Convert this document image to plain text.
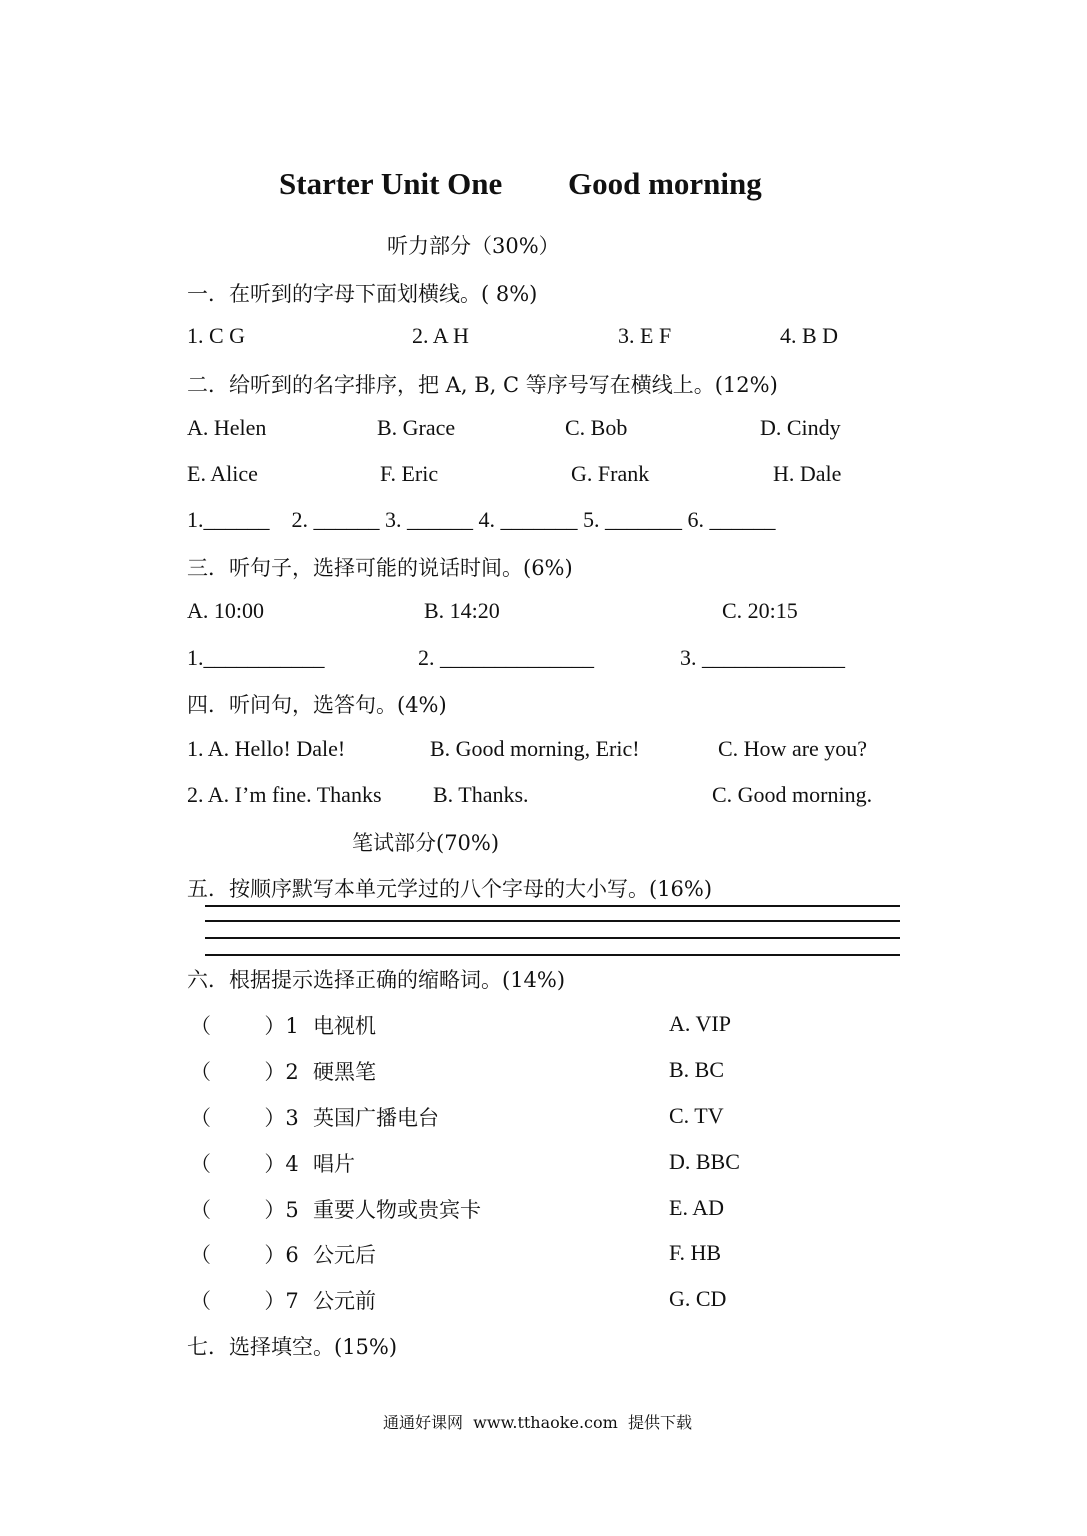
Starter Unit One Good morning
听力部分（30%）
一．在听到的字母下面划横线。( 8%)
1. C G	2. A H	3. E F	4. B D
二．给听到的名字排序，把 A, B, C 等序号写在横线上。(12%)
A. Helen	B. Grace	C. Bob	D. Cindy
E. Alice	F. Eric	G. Frank	H. Dale
1.______    2. ______ 3. ______ 4. _______ 5. _______ 6. ______
三．听句子，选择可能的说话时间。(6%)
A. 10:00	B. 14:20	C. 20:15
1.___________	2. ______________	3. _____________
四．听问句，选答句。(4%)
1. A. Hello! Dale!	B. Good morning, Eric!	C. How are you?
2. A. I’m fine. Thanks B. Thanks.	C. Good morning.
笔试部分(70%)
五．按顺序默写本单元学过的八个字母的大小写。(16%)
六．根据提示选择正确的缩略词。(14%)
（        ）1 电视机	A. VIP
（        ）2 硬黑笔	B. BC
（        ）3 英国广播电台	C. TV
（        ）4 唱片	D. BBC
（        ）5 重要人物或贵宾卡	E. AD
（        ）6 公元后	F. HB
（        ）7 公元前	G. CD
七．选择填空。(15%)
通通好课网  www.tthaoke.com  提供下载
